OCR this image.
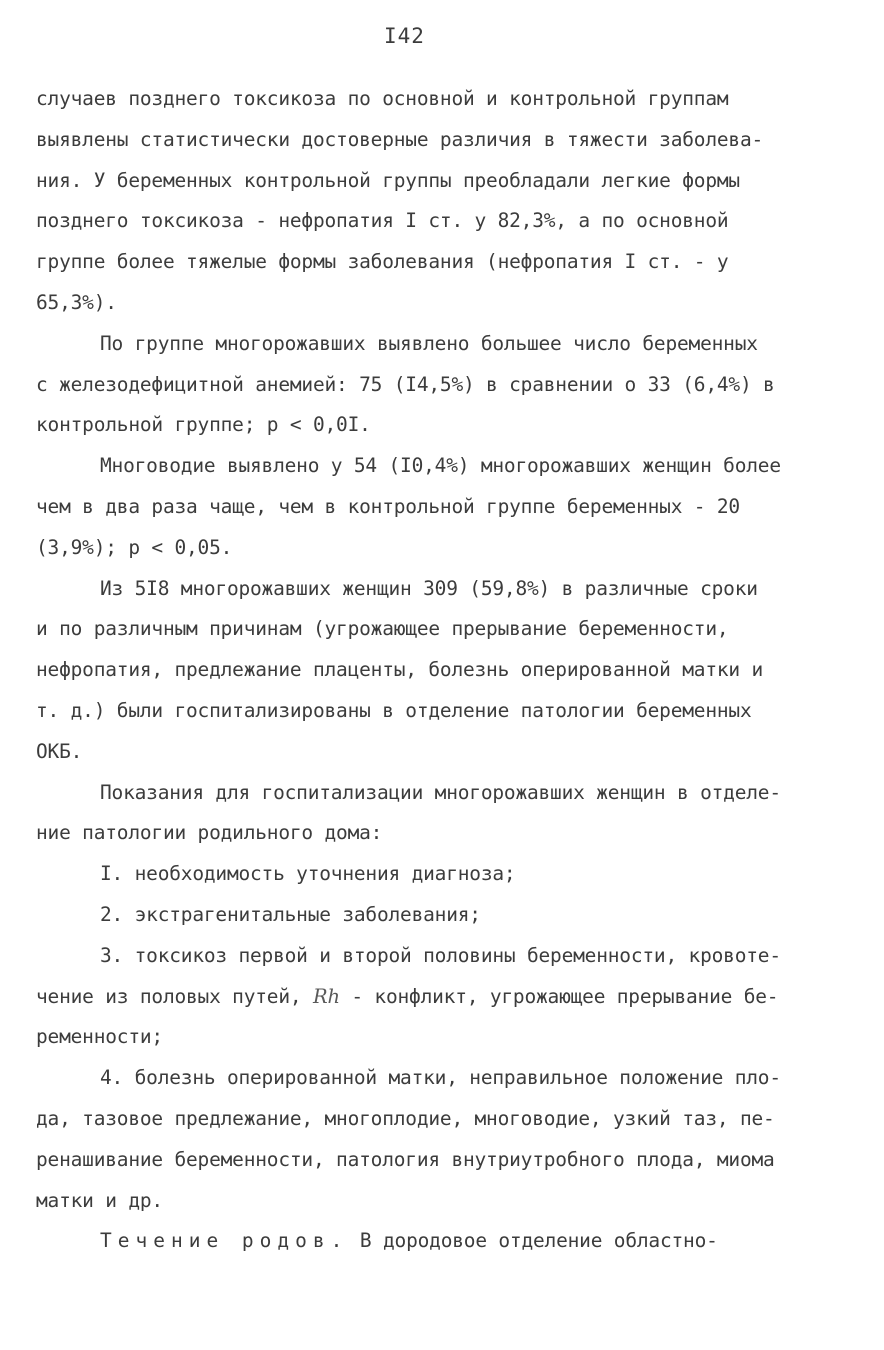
I42
случаев позднего токсикоза по основной и контрольной группам
выявлены статистически достоверные различия в тяжести заболева-
ния. У беременных контрольной группы преобладали легкие формы
позднего токсикоза - нефропатия I ст. у 82,3%, а по основной
группе более тяжелые формы заболевания (нефропатия I ст. - у
65,3%).
По группе многорожавших выявлено большее число беременных
с железодефицитной анемией: 75 (I4,5%) в сравнении о 33 (6,4%) в
контрольной группе; p < 0,0I.
Многоводие выявлено у 54 (I0,4%) многорожавших женщин более
чем в два раза чаще, чем в контрольной группе беременных - 20
(3,9%); p < 0,05.
Из 5I8 многорожавших женщин 309 (59,8%) в различные сроки
и по различным причинам (угрожающее прерывание беременности,
нефропатия, предлежание плаценты, болезнь оперированной матки и
т. д.) были госпитализированы в отделение патологии беременных
ОКБ.
Показания для госпитализации многорожавших женщин в отделе-
ние патологии родильного дома:
I. необходимость уточнения диагноза;
2. экстрагенитальные заболевания;
3. токсикоз первой и второй половины беременности, кровоте-
чение из половых путей, Rh - конфликт, угрожающее прерывание бе-
ременности;
4. болезнь оперированной матки, неправильное положение пло-
да, тазовое предлежание, многоплодие, многоводие, узкий таз, пе-
ренашивание беременности, патология внутриутробного плода, миома
матки и др.
Течение родов. В дородовое отделение областно-
